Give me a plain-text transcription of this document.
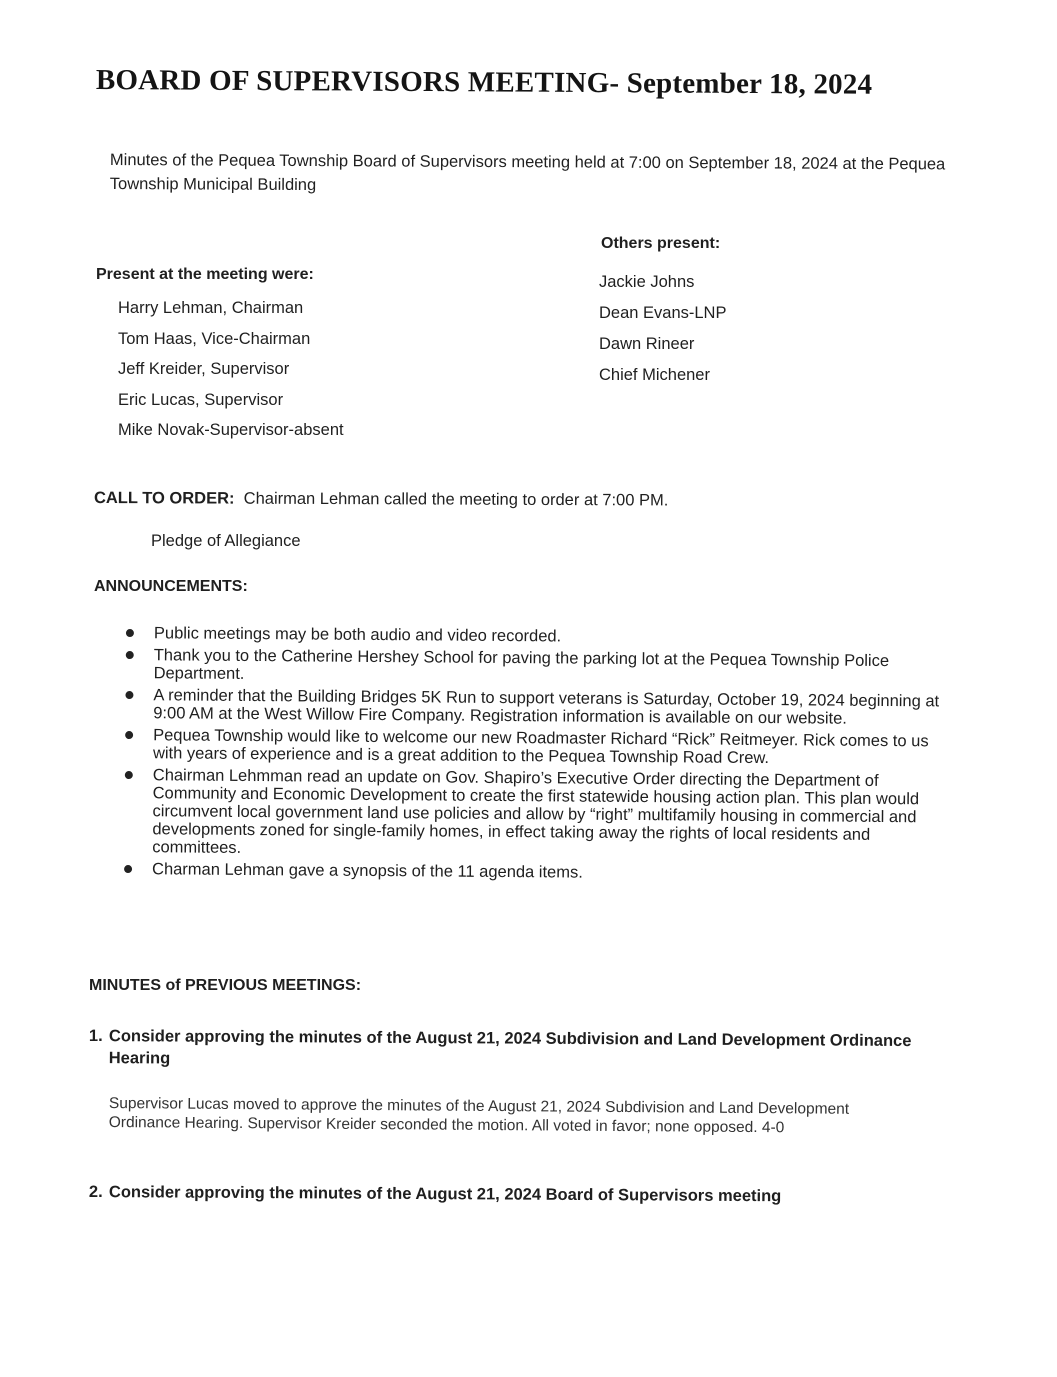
BOARD OF SUPERVISORS MEETING- September 18, 2024
Minutes of the Pequea Township Board of Supervisors meeting held at 7:00 on September 18, 2024 at the Pequea Township Municipal Building
Others present:
Jackie Johns
Dean Evans-LNP
Dawn Rineer
Chief Michener
Present at the meeting were:
Harry Lehman, Chairman
Tom Haas, Vice-Chairman
Jeff Kreider, Supervisor
Eric Lucas, Supervisor
Mike Novak-Supervisor-absent
CALL TO ORDER: Chairman Lehman called the meeting to order at 7:00 PM.
Pledge of Allegiance
ANNOUNCEMENTS:
Public meetings may be both audio and video recorded.
Thank you to the Catherine Hershey School for paving the parking lot at the Pequea Township Police Department.
A reminder that the Building Bridges 5K Run to support veterans is Saturday, October 19, 2024 beginning at 9:00 AM at the West Willow Fire Company. Registration information is available on our website.
Pequea Township would like to welcome our new Roadmaster Richard “Rick” Reitmeyer. Rick comes to us with years of experience and is a great addition to the Pequea Township Road Crew.
Chairman Lehmman read an update on Gov. Shapiro’s Executive Order directing the Department of Community and Economic Development to create the first statewide housing action plan. This plan would circumvent local government land use policies and allow by “right” multifamily housing in commercial and developments zoned for single-family homes, in effect taking away the rights of local residents and committees.
Charman Lehman gave a synopsis of the 11 agenda items.
MINUTES of PREVIOUS MEETINGS:
1. Consider approving the minutes of the August 21, 2024 Subdivision and Land Development Ordinance
Hearing
Supervisor Lucas moved to approve the minutes of the August 21, 2024 Subdivision and Land Development Ordinance Hearing. Supervisor Kreider seconded the motion. All voted in favor; none opposed. 4-0
2. Consider approving the minutes of the August 21, 2024 Board of Supervisors meeting
